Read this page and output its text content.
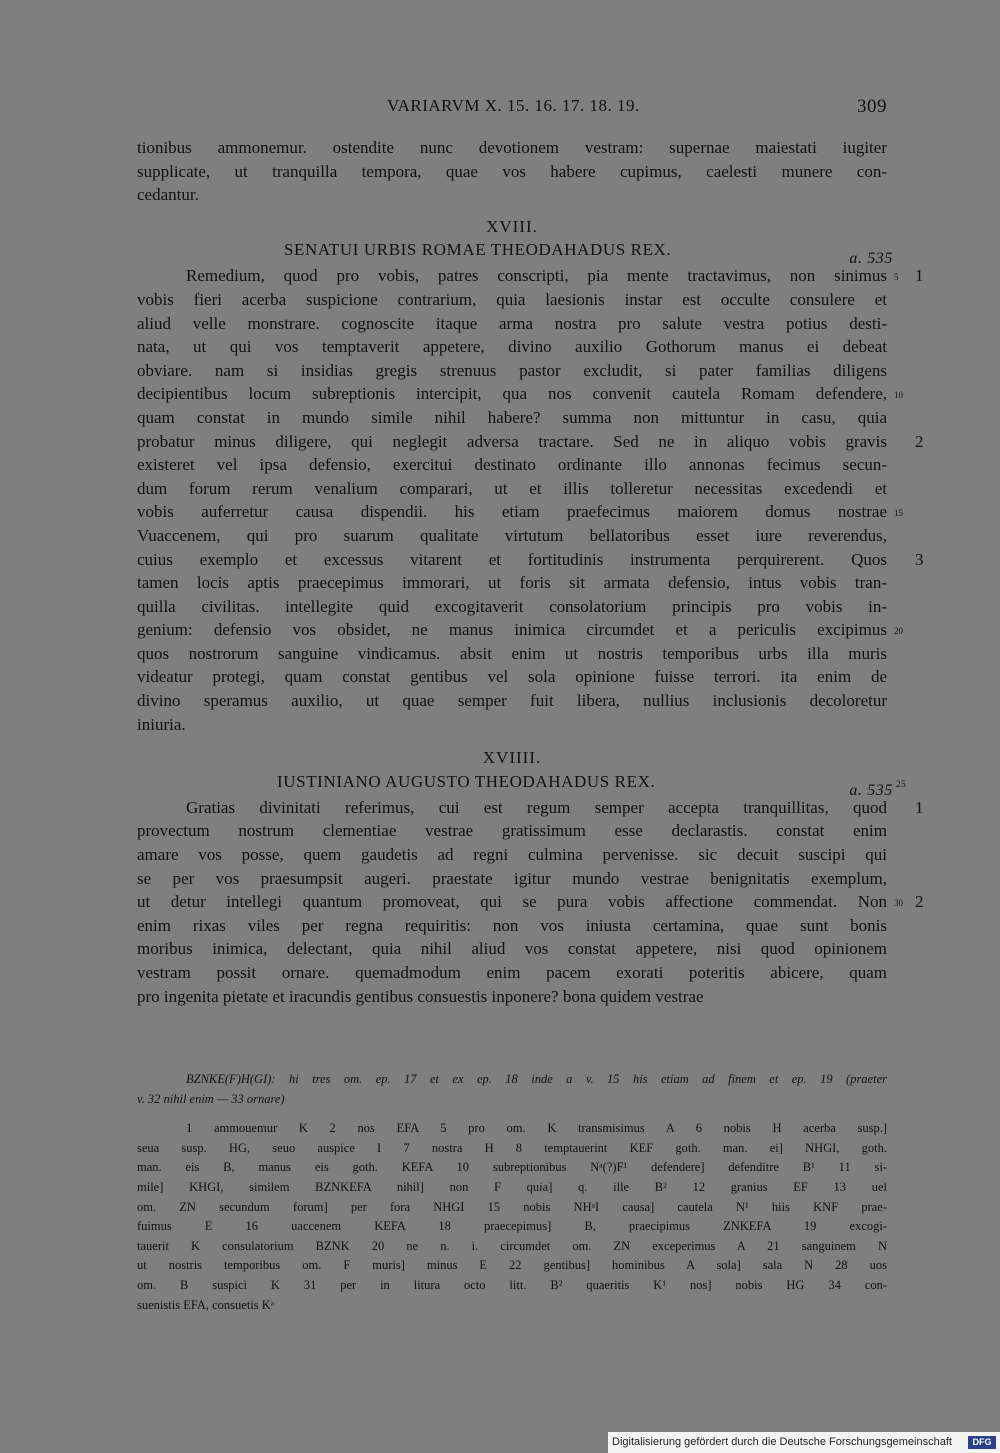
VARIARVM X. 15. 16. 17. 18. 19.	309
tionibus ammonemur. ostendite nunc devotionem vestram: supernae maiestati iugiter
supplicate, ut tranquilla tempora, quae vos habere cupimus, caelesti munere con-
cedantur.
XVIII.
SENATUI URBIS ROMAE THEODAHADUS REX.	a. 535
Remedium, quod pro vobis, patres conscripti, pia mente tractavimus, non sinimus 5 1
vobis fieri acerba suspicione contrarium, quia laesionis instar est occulte consulere et
aliud velle monstrare. cognoscite itaque arma nostra pro salute vestra potius desti-
nata, ut qui vos temptaverit appetere, divino auxilio Gothorum manus ei debeat
obviare. nam si insidias gregis strenuus pastor excludit, si pater familias diligens
decipientibus locum subreptionis intercipit, qua nos convenit cautela Romam defendere, 10
quam constat in mundo simile nihil habere? summa non mittuntur in casu, quia
probatur minus diligere, qui neglegit adversa tractare. Sed ne in aliquo vobis gravis 2
existeret vel ipsa defensio, exercitui destinato ordinante illo annonas fecimus secun-
dum forum rerum venalium comparari, ut et illis tolleretur necessitas excedendi et
vobis auferretur causa dispendii. his etiam praefecimus maiorem domus nostrae 15
Vuaccenem, qui pro suarum qualitate virtutum bellatoribus esset iure reverendus,
cuius exemplo et excessus vitarent et fortitudinis instrumenta perquirerent. Quos 3
tamen locis aptis praecepimus immorari, ut foris sit armata defensio, intus vobis tran-
quilla civilitas. intellegite quid excogitaverit consolatorium principis pro vobis in-
genium: defensio vos obsidet, ne manus inimica circumdet et a periculis excipimus 20
quos nostrorum sanguine vindicamus. absit enim ut nostris temporibus urbs illa muris
videatur protegi, quam constat gentibus vel sola opinione fuisse terrori. ita enim de
divino speramus auxilio, ut quae semper fuit libera, nullius inclusionis decoloretur
iniuria.
XVIIII.
IUSTINIANO AUGUSTO THEODAHADUS REX.	a. 535 25
Gratias divinitati referimus, cui est regum semper accepta tranquillitas, quod 1
provectum nostrum clementiae vestrae gratissimum esse declarastis. constat enim
amare vos posse, quem gaudetis ad regni culmina pervenisse. sic decuit suscipi qui
se per vos praesumpsit augeri. praestate igitur mundo vestrae benignitatis exemplum,
ut detur intellegi quantum promoveat, qui se pura vobis affectione commendat. Non 30 2
enim rixas viles per regna requiritis: non vos iniusta certamina, quae sunt bonis
moribus inimica, delectant, quia nihil aliud vos constat appetere, nisi quod opinionem
vestram possit ornare. quemadmodum enim pacem exorati poteritis abicere, quam
pro ingenita pietate et iracundis gentibus consuestis inponere? bona quidem vestrae
BZNKE(F)H(GI): hi tres om. ep. 17 et ex ep. 18 inde a v. 15 his etiam ad finem et ep. 19 (praeter
v. 32 nihil enim — 33 ornare)
1 ammouemur K 2 nos EFA 5 pro om. K transmisimus A 6 nobis H acerba susp.]
seua susp. HG, seuo auspice I 7 nostra H 8 temptauerint KEF goth. man. ei] NHGI, goth.
man. eis B, manus eis goth. KEFA 10 subreptionibus Nᵃ(?)F¹ defendere] defenditre B¹ 11 si-
mile] KHGI, similem BZNKEFA nihil] non F quia] q. ille B² 12 granius EF 13 uel
om. ZN secundum forum] per fora NHGI 15 nobis NHᵃI causa] cautela N¹ hiis KNF prae-
fuimus E 16 uaccenem KEFA 18 praecepimus] B, praecipimus ZNKEFA 19 excogi-
tauerit K consulatorium BZNK 20 ne n. i. circumdet om. ZN exceperimus A 21 sanguinem N
ut nostris temporibus om. F muris] minus E 22 gentibus] hominibus A sola] sala N 28 uos
om. B suspici K 31 per in litura octo litt. B² quaeritis K¹ nos] nobis HG 34 con-
suenistis EFA, consuetis Kᵃ
Digitalisierung gefördert durch die Deutsche Forschungsgemeinschaft	DFG
